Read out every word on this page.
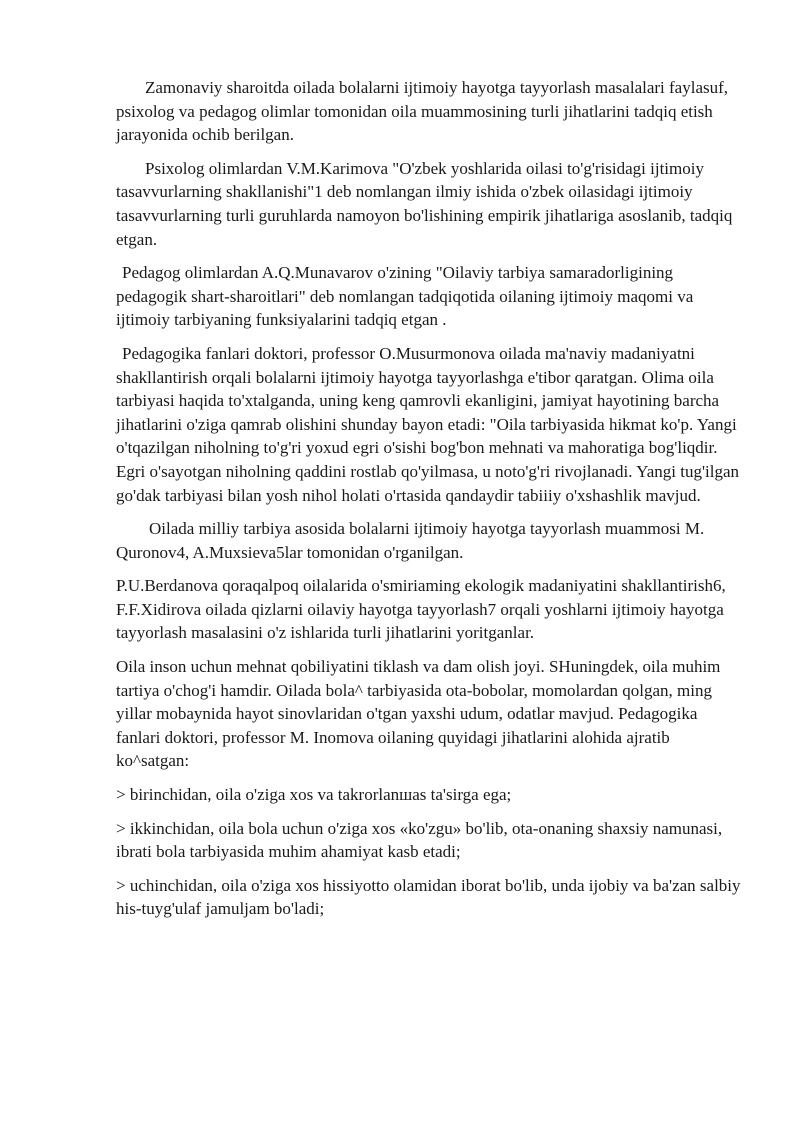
Zamonaviy sharoitda oilada bolalarni ijtimoiy hayotga tayyorlash masalalari faylasuf, psixolog va pedagog olimlar tomonidan oila muammosining turli jihatlarini tadqiq etish jarayonida ochib berilgan.

Psixolog olimlardan V.M.Karimova "O'zbek yoshlarida oilasi to'g'risidagi ijtimoiy tasavvurlarning shakllanishi"1 deb nomlangan ilmiy ishida o'zbek oilasidagi ijtimoiy tasavvurlarning turli guruhlarda namoyon bo'lishining empirik jihatlariga asoslanib, tadqiq etgan.

Pedagog olimlardan A.Q.Munavarov o'zining "Oilaviy tarbiya samaradorligining pedagogik shart-sharoitlari" deb nomlangan tadqiqotida oilaning ijtimoiy maqomi va ijtimoiy tarbiyaning funksiyalarini tadqiq etgan .

Pedagogika fanlari doktori, professor O.Musurmonova oilada ma'naviy madaniyatni shakllantirish orqali bolalarni ijtimoiy hayotga tayyorlashga e'tibor qaratgan. Olima oila tarbiyasi haqida to'xtalganda, uning keng qamrovli ekanligini, jamiyat hayotining barcha jihatlarini o'ziga qamrab olishini shunday bayon etadi: "Oila tarbiyasida hikmat ko'p. Yangi o'tqazilgan niholning to'g'ri yoxud egri o'sishi bog'bon mehnati va mahoratiga bog'liqdir. Egri o'sayotgan niholning qaddini rostlab qo'yilmasa, u noto'g'ri rivojlanadi. Yangi tug'ilgan go'dak tarbiyasi bilan yosh nihol holati o'rtasida qandaydir tabiiiy o'xshashlik mavjud.

Oilada milliy tarbiya asosida bolalarni ijtimoiy hayotga tayyorlash muammosi M. Quronov4, A.Muxsieva5lar tomonidan o'rganilgan.

P.U.Berdanova qoraqalpoq oilalarida o'smiriaming ekologik madaniyatini shakllantirish6, F.F.Xidirova oilada qizlarni oilaviy hayotga tayyorlash7 orqali yoshlarni ijtimoiy hayotga tayyorlash masalasini o'z ishlarida turli jihatlarini yoritganlar.

Oila inson uchun mehnat qobiliyatini tiklash va dam olish joyi. SHuningdek, oila muhim tartiya o'chog'i hamdir. Oilada bola^ tarbiyasida ota-bobolar, momolardan qolgan, ming yillar mobaynida hayot sinovlaridan o'tgan yaxshi udum, odatlar mavjud. Pedagogika fanlari doktori, professor M. Inomova oilaning quyidagi jihatlarini alohida ajratib ko^satgan:

> birinchidan, oila o'ziga xos va takrorlanшas ta'sirga ega;

> ikkinchidan, oila bola uchun o'ziga xos «ko'zgu» bo'lib, ota-onaning shaxsiy namunasi, ibrati bola tarbiyasida muhim ahamiyat kasb etadi;

> uchinchidan, oila o'ziga xos hissiyotto olamidan iborat bo'lib, unda ijobiy va ba'zan salbiy his-tuyg'ulaf jamuljam bo'ladi;
